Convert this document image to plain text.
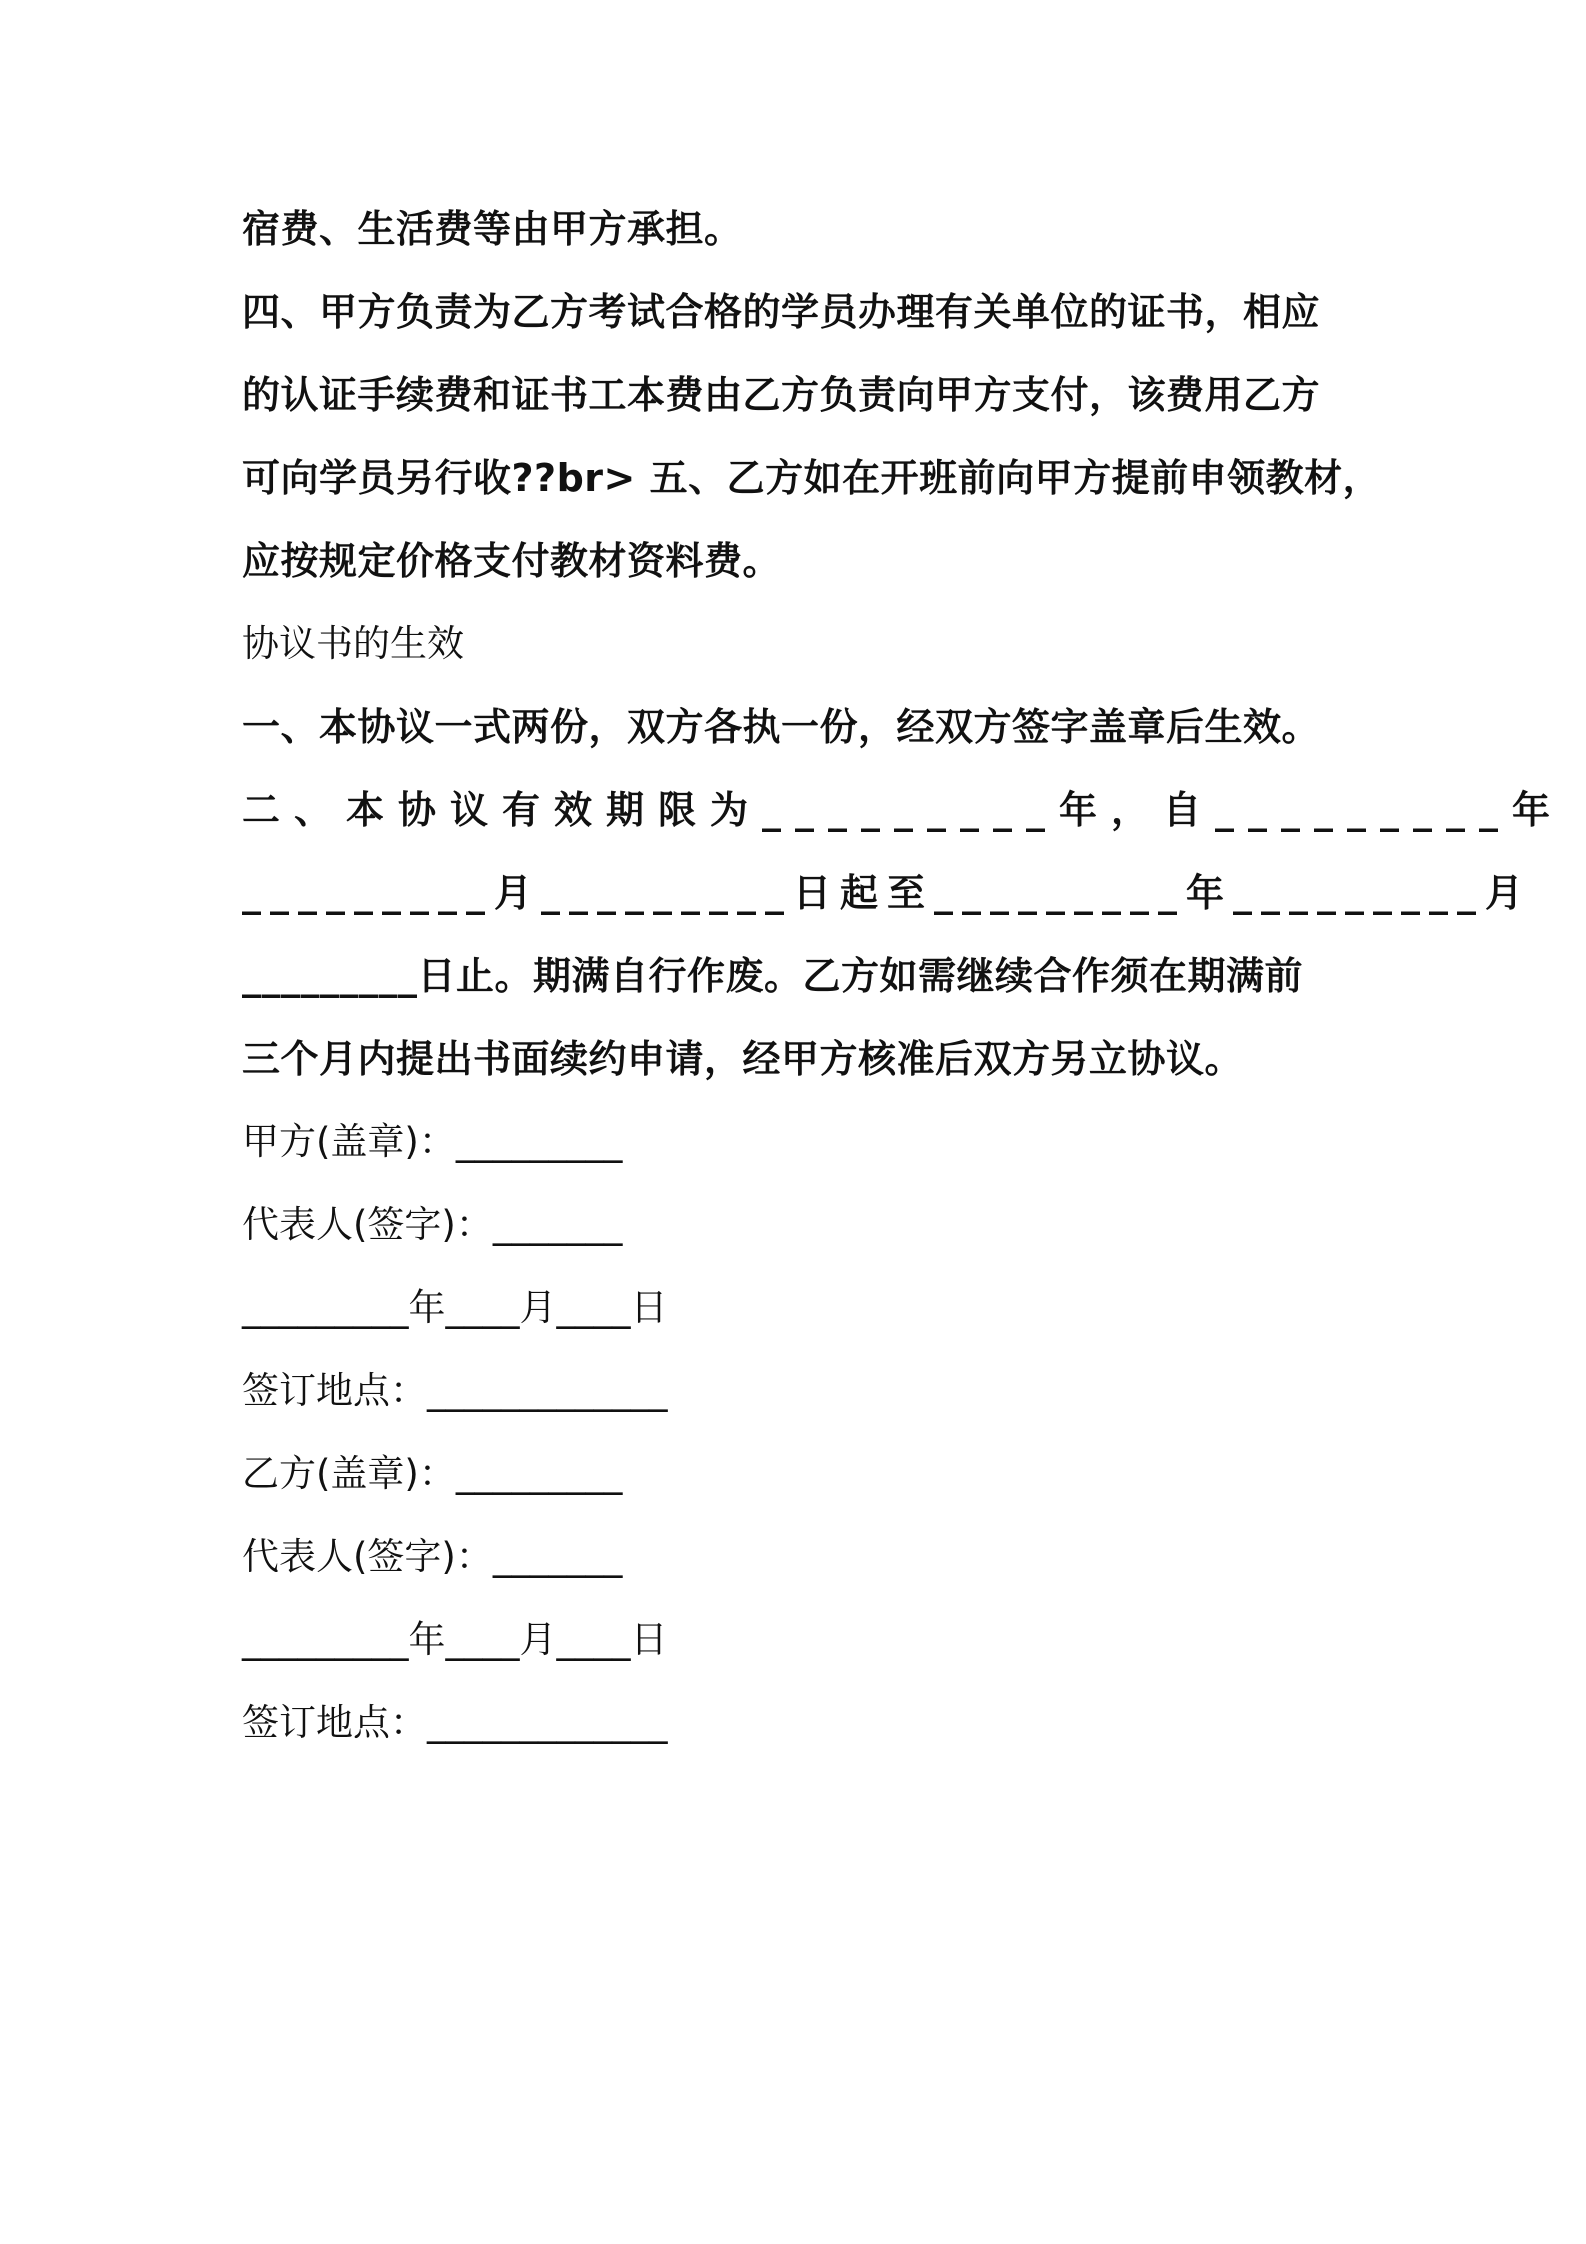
宿费、生活费等由甲方承担。
四、甲方负责为乙方考试合格的学员办理有关单位的证书，相应
的认证手续费和证书工本费由乙方负责向甲方支付，该费用乙方
可向学员另行收??br> 五、乙方如在开班前向甲方提前申领教材，
应按规定价格支付教材资料费。
协议书的生效
一、本协议一式两份，双方各执一份，经双方签字盖章后生效。
二、本协议有效期限为_________年，自_________年
_________月_________日起至_________年_________月
_________日止。期满自行作废。乙方如需继续合作须在期满前
三个月内提出书面续约申请，经甲方核准后双方另立协议。
甲方(盖章)：_________
代表人(签字)：_______
_________年____月____日
签订地点：_____________
乙方(盖章)：_________
代表人(签字)：_______
_________年____月____日
签订地点：_____________
